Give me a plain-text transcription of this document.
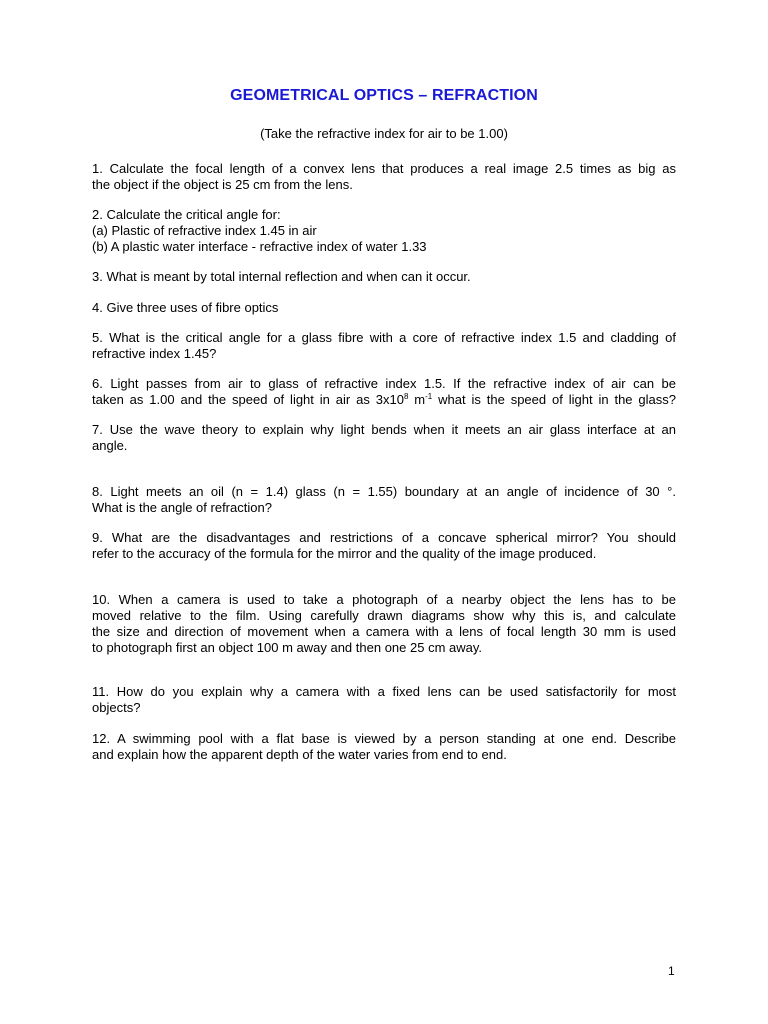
GEOMETRICAL OPTICS – REFRACTION
(Take the refractive index for air to be 1.00)
1. Calculate the focal length of a convex lens that produces a real image 2.5 times as big as
the object if the object is 25 cm from the lens.
2. Calculate the critical angle for:
(a) Plastic of refractive index 1.45 in air
(b) A plastic water interface - refractive index of water 1.33
3. What is meant by total internal reflection and when can it occur.
4. Give three uses of fibre optics
5. What is the critical angle for a glass fibre with a core of refractive index 1.5 and cladding of
refractive index 1.45?
6. Light passes from air to glass of refractive index 1.5. If the refractive index of air can be
taken as 1.00 and the speed of light in air as $3x10^8$ $m^{-1}$ what is the speed of light in the glass?
7. Use the wave theory to explain why light bends when it meets an air glass interface at an
angle.
8. Light meets an oil (n = 1.4) glass (n = 1.55) boundary at an angle of incidence of 30 °.
What is the angle of refraction?
9. What are the disadvantages and restrictions of a concave spherical mirror? You should
refer to the accuracy of the formula for the mirror and the quality of the image produced.
10. When a camera is used to take a photograph of a nearby object the lens has to be
moved relative to the film. Using carefully drawn diagrams show why this is, and calculate
the size and direction of movement when a camera with a lens of focal length 30 mm is used
to photograph first an object 100 m away and then one 25 cm away.
11. How do you explain why a camera with a fixed lens can be used satisfactorily for most
objects?
12. A swimming pool with a flat base is viewed by a person standing at one end. Describe
and explain how the apparent depth of the water varies from end to end.
1
